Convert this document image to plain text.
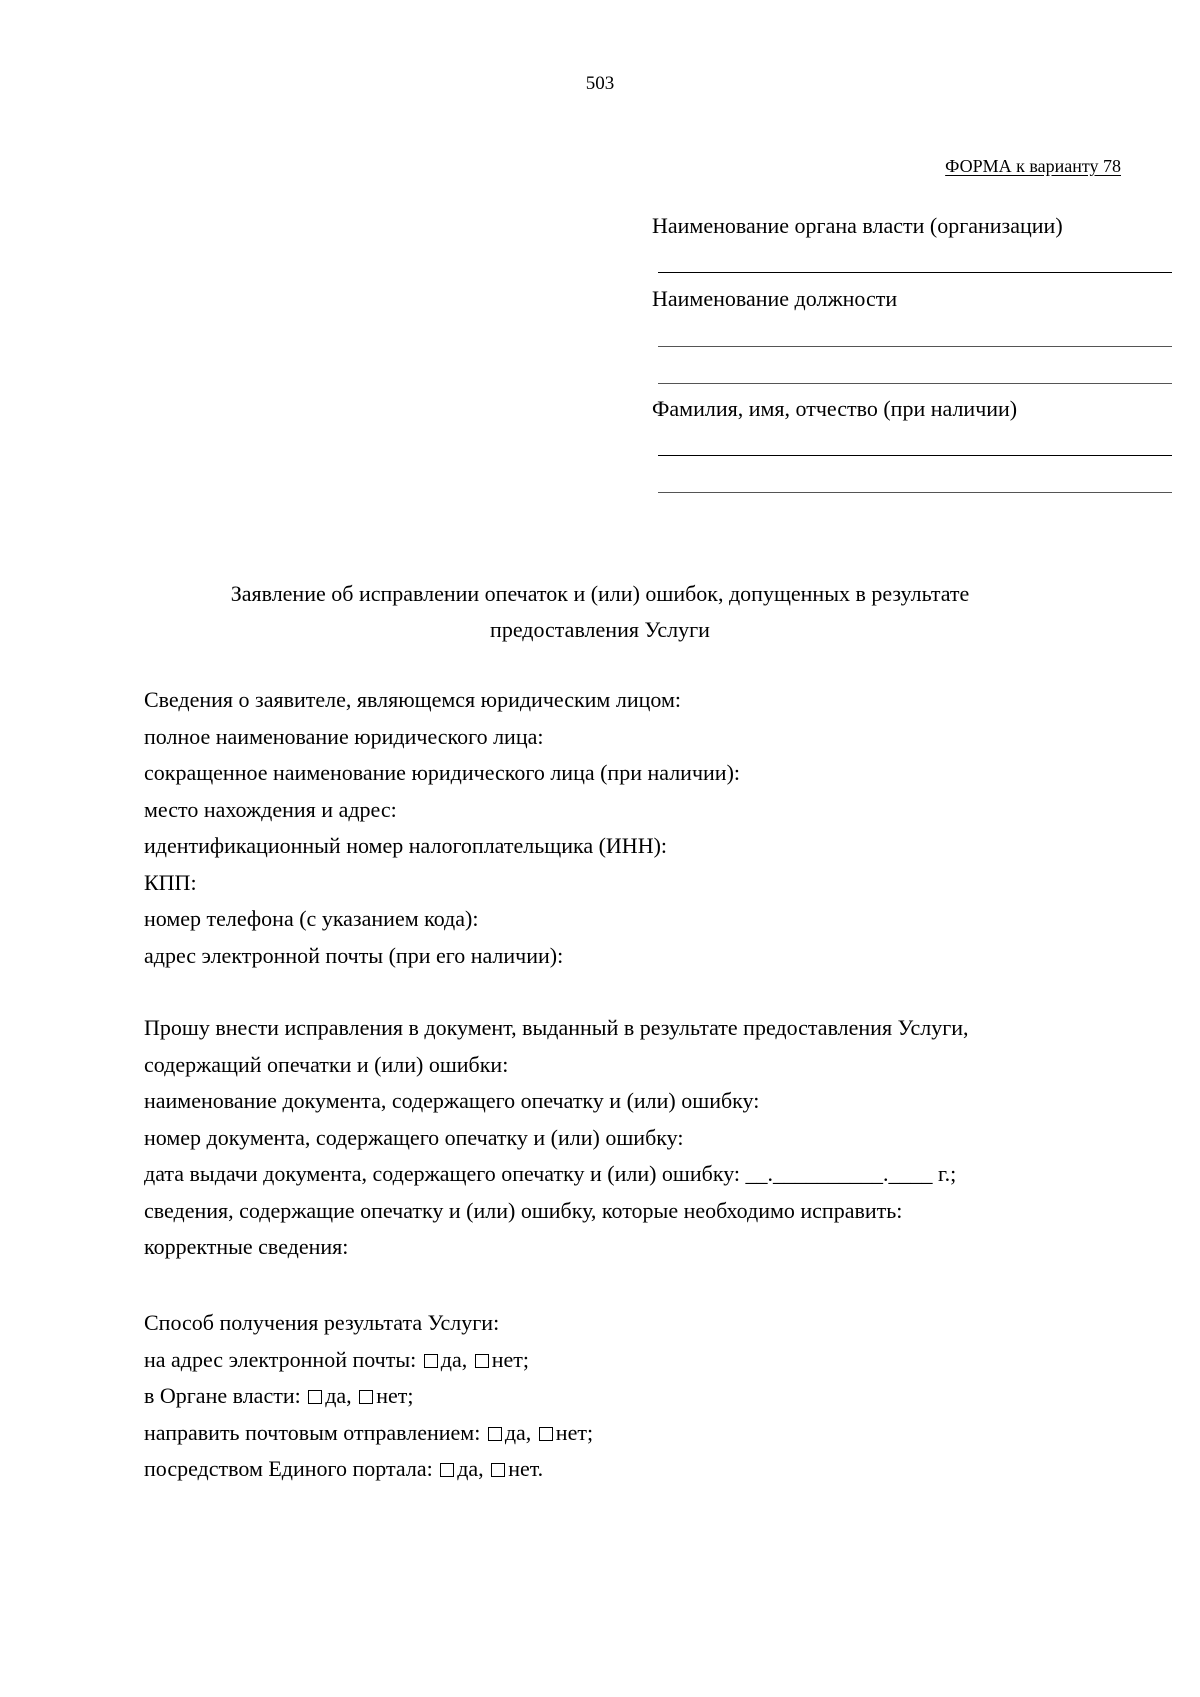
503
ФОРМА к варианту 78
Наименование органа власти (организации)
Наименование должности
Фамилия, имя, отчество (при наличии)
Заявление об исправлении опечаток и (или) ошибок, допущенных в результате
предоставления Услуги

Сведения о заявителе, являющемся юридическим лицом:

полное наименование юридического лица:

сокращенное наименование юридического лица (при наличии):

место нахождения и адрес:

идентификационный номер налогоплательщика (ИНН):

КПП:

номер телефона (с указанием кода):

адрес электронной почты (при его наличии):

Прошу внести исправления в документ, выданный в результате предоставления Услуги,

содержащий опечатки и (или) ошибки:

наименование документа, содержащего опечатку и (или) ошибку:

номер документа, содержащего опечатку и (или) ошибку:

дата выдачи документа, содержащего опечатку и (или) ошибку: __.__________.____ г.;

сведения, содержащие опечатку и (или) ошибку, которые необходимо исправить:

корректные сведения:

Способ получения результата Услуги:

на адрес электронной почты: да, нет;

в Органе власти: да, нет;

направить почтовым отправлением: да, нет;

посредством Единого портала: да, нет.
